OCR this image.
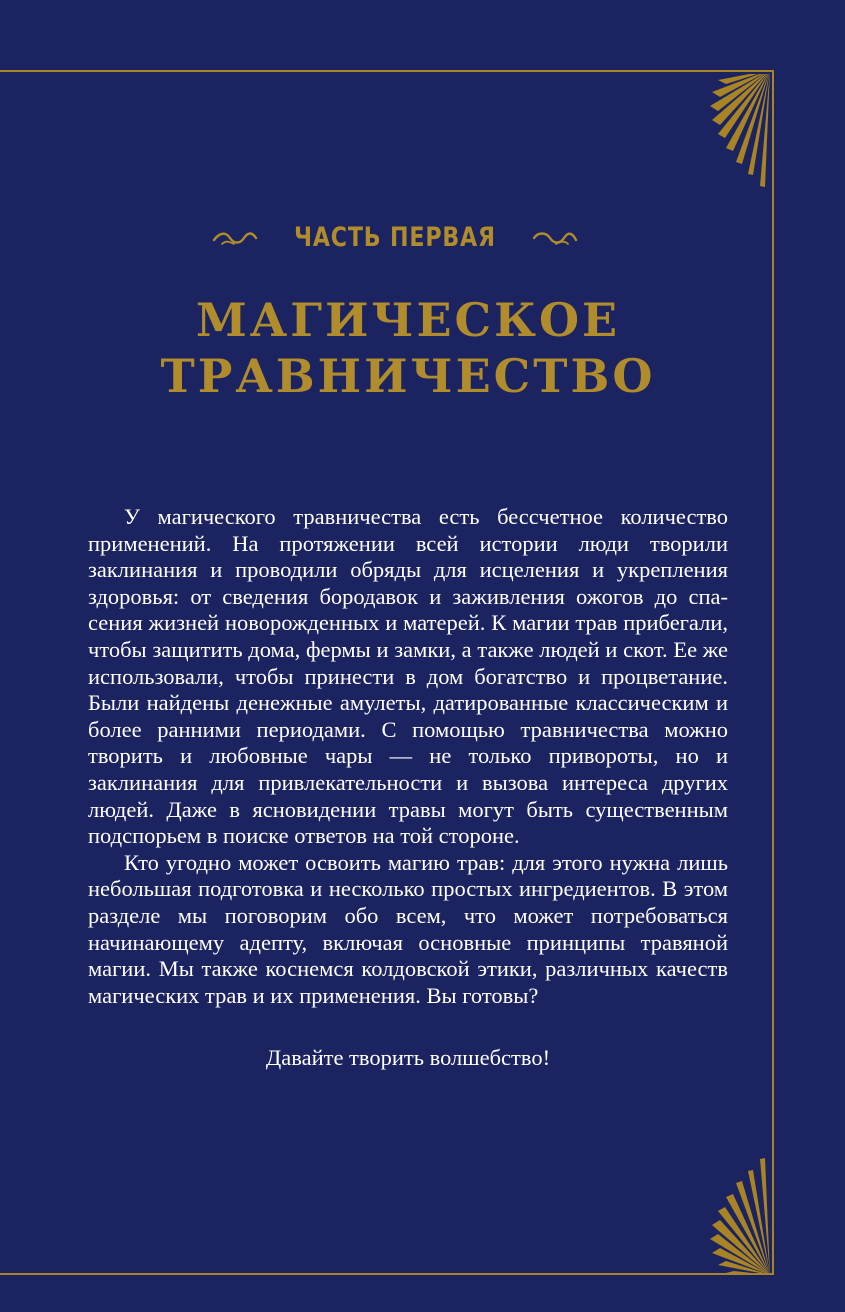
ЧАСТЬ ПЕРВАЯ
МАГИЧЕСКОЕ
ТРАВНИЧЕСТВО

У магического травничества есть бессчетное количество применений. На протяжении всей истории люди творили заклинания и проводили обряды для исцеления и укрепления здоровья: от сведения бородавок и заживления ожогов до спасения жизней новорожденных и матерей. К магии трав прибегали, чтобы защитить дома, фермы и замки, а также людей и скот. Ее же использовали, чтобы принести в дом богатство и процветание. Были найдены денежные амулеты, датированные классическим и более ранними периодами. С помощью травничества можно творить и любовные чары — не только привороты, но и заклинания для привлекательности и вызова интереса других людей. Даже в ясновидении травы могут быть существенным подспорьем в поиске ответов на той стороне.

Кто угодно может освоить магию трав: для этого нужна лишь небольшая подготовка и несколько простых ингредиентов. В этом разделе мы поговорим обо всем, что может потребоваться начинающему адепту, включая основные принципы травяной магии. Мы также коснемся колдовской этики, различных качеств магических трав и их применения. Вы готовы?

Давайте творить волшебство!
